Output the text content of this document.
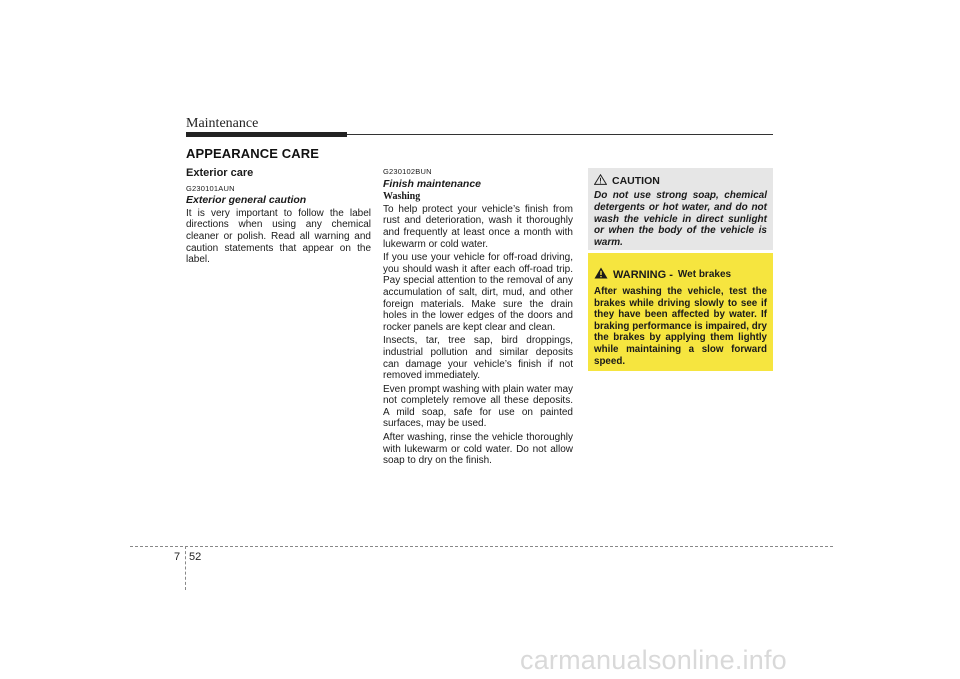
Maintenance
APPEARANCE CARE
Exterior care
G230101AUN
Exterior general caution
It is very important to follow the label directions when using any chemical cleaner or polish. Read all warning and caution statements that appear on the label.
G230102BUN
Finish maintenance
Washing
To help protect your vehicle’s finish from rust and deterioration, wash it thoroughly and frequently at least once a month with lukewarm or cold water.
If you use your vehicle for off-road driving, you should wash it after each off-road trip. Pay special attention to the removal of any accumulation of salt, dirt, mud, and other foreign materials. Make sure the drain holes in the lower edges of the doors and rocker panels are kept clear and clean.
Insects, tar, tree sap, bird droppings, industrial pollution and similar deposits can damage your vehicle’s finish if not removed immediately.
Even prompt washing with plain water may not completely remove all these deposits. A mild soap, safe for use on painted surfaces, may be used.
After washing, rinse the vehicle thoroughly with lukewarm or cold water. Do not allow soap to dry on the finish.
CAUTION
Do not use strong soap, chemical detergents or hot water, and do not wash the vehicle in direct sunlight or when the body of the vehicle is warm.
WARNING - Wet brakes
After washing the vehicle, test the brakes while driving slowly to see if they have been affected by water. If braking performance is impaired, dry the brakes by applying them lightly while maintaining a slow forward speed.
7 52
carmanualsonline.info
